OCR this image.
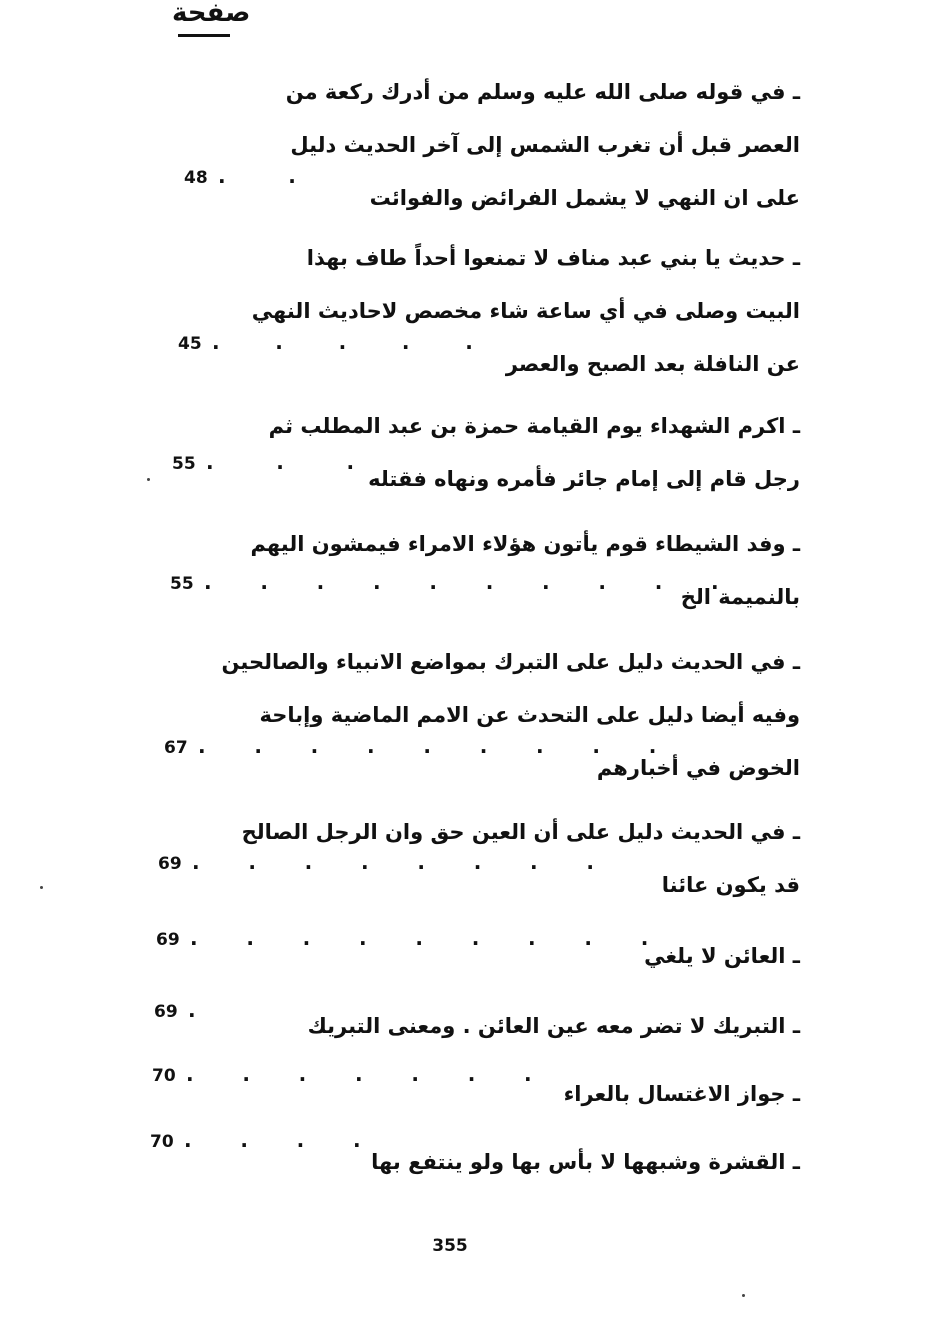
صفحة
ـ في قوله صلى الله عليه وسلم من أدرك ركعة من
العصر قبل أن تغرب الشمس إلى آخر الحديث دليل
على ان النهي لا يشمل الفرائض والفوائت
48 .         .
ـ حديث يا بني عبد مناف لا تمنعوا أحداً طاف بهذا
البيت وصلى في أي ساعة شاء مخصص لاحاديث النهي
عن النافلة بعد الصبح والعصر
45 .        .        .        .        .
ـ اكرم الشهداء يوم القيامة حمزة بن عبد المطلب ثم
رجل قام إلى إمام جائر فأمره ونهاه فقتله
55 .         .         .
ـ وفد الشيطاء قوم يأتون هؤلاء الامراء فيمشون اليهم
بالنميمة الخ
55 .       .       .       .       .       .       .       .       .       .
ـ في الحديث دليل على التبرك بمواضع الانبياء والصالحين
وفيه أيضا دليل على التحدث عن الامم الماضية وإباحة
الخوض في أخبارهم
67 .       .       .       .       .       .       .       .       .
ـ في الحديث دليل على أن العين حق وان الرجل الصالح
قد يكون عائنا
69 .       .       .       .       .       .       .       .
ـ العائن لا يلغي
69 .       .       .       .       .       .       .       .       .
ـ التبريك لا تضر معه عين العائن . ومعنى التبريك
69 .
ـ جواز الاغتسال بالعراء
70 .       .       .       .       .       .       .
ـ القشرة وشبهها لا بأس بها ولو ينتفع بها
70 .       .       .       .
355
